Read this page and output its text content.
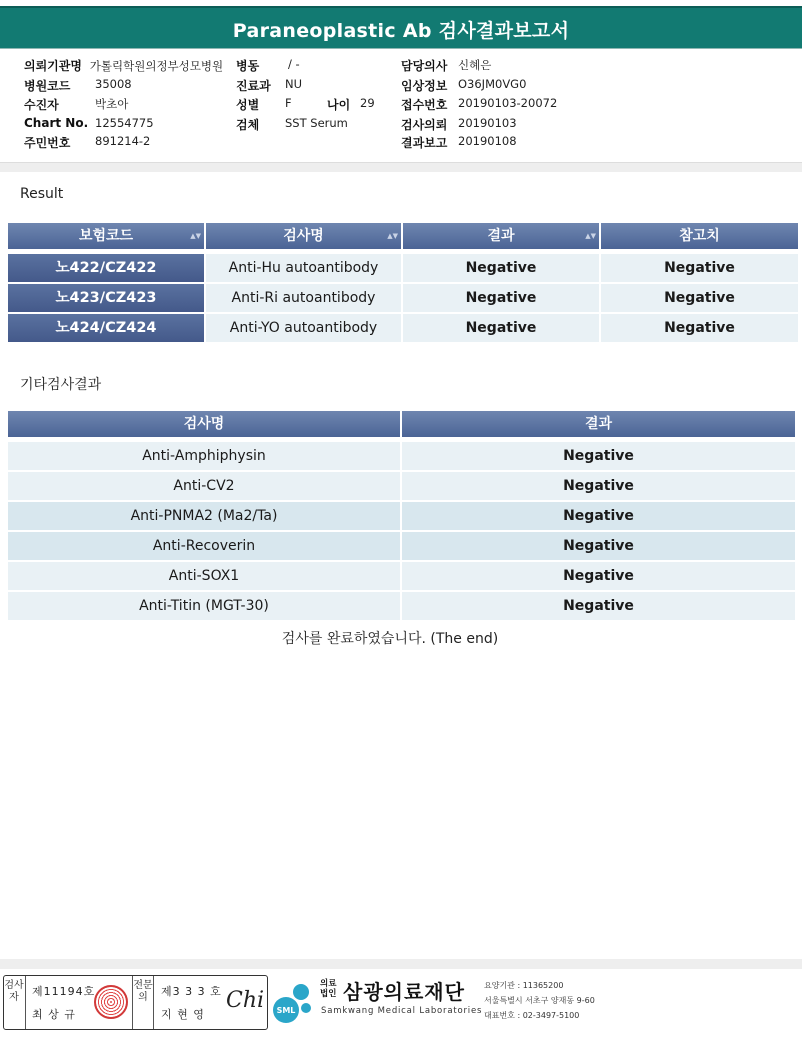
Paraneoplastic Ab 검사결과보고서
의뢰기관명 가톨릭학원의정부성모병원
병원코드 35008
수진자	박초아
Chart No. 12554775
주민번호 891214-2
병동	/ -
진료과 NU
성별 F	나이 29
검체 SST Serum
담당의사 신혜은
임상정보 O36JM0VG0
접수번호 20190103-20072
검사의뢰 20190103
결과보고 20190108
Result
보험코드	▲▼	검사명	▲▼	결과	▲▼	참고치
노422/CZ422	Anti-Hu autoantibody	Negative	Negative
노423/CZ423	Anti-Ri autoantibody	Negative	Negative
노424/CZ424	Anti-YO autoantibody	Negative	Negative
기타검사결과
검사명	결과
Anti-Amphiphysin	Negative
Anti-CV2	Negative
Anti-PNMA2 (Ma2/Ta)	Negative
Anti-Recoverin	Negative
Anti-SOX1	Negative
Anti-Titin (MGT-30)	Negative
검사를 완료하였습니다. (The end)
검사자	제11194호
최 상 규
전문의	제3 3 3 호
지 현 영
Chi SML
의료
법인 삼광의료재단
Samkwang Medical Laboratories
요양기관 : 11365200
서울특별시 서초구 양재동 9-60
대표번호 : 02-3497-5100
